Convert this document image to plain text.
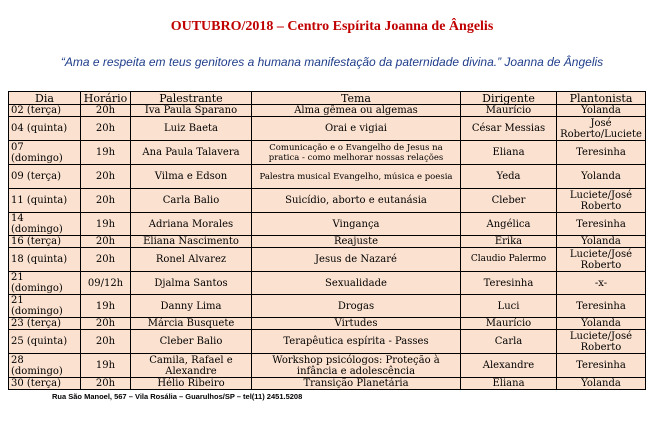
OUTUBRO/2018 – Centro Espírita Joanna de Ângelis
“Ama e respeita em teus genitores a humana manifestação da paternidade divina.” Joanna de Ângelis
Dia	Horário	Palestrante	Tema	Dirigente	Plantonista
02 (terça)	20h	Iva Paula Sparano	Alma gêmea ou algemas	Maurício	Yolanda
04 (quinta)	20h	Luiz Baeta	Orai e vigiai	César Messias	José Roberto/Luciete
07 (domingo)	19h	Ana Paula Talavera	Comunicação e o Evangelho de Jesus na pratica - como melhorar nossas relações	Eliana	Teresinha
09 (terça)	20h	Vilma e Edson	Palestra musical Evangelho, música e poesia	Yeda	Yolanda
11 (quinta)	20h	Carla Balio	Suicídio, aborto e eutanásia	Cleber	Luciete/José Roberto
14 (domingo)	19h	Adriana Morales	Vingança	Angélica	Teresinha
16 (terça)	20h	Eliana Nascimento	Reajuste	Erika	Yolanda
18 (quinta)	20h	Ronel Alvarez	Jesus de Nazaré	Claudio Palermo	Luciete/José Roberto
21 (domingo)	09/12h	Djalma Santos	Sexualidade	Teresinha	-x-
21 (domingo)	19h	Danny Lima	Drogas	Luci	Teresinha
23 (terça)	20h	Márcia Busquete	Virtudes	Maurício	Yolanda
25 (quinta)	20h	Cleber Balio	Terapêutica espírita - Passes	Carla	Luciete/José Roberto
28 (domingo)	19h	Camila, Rafael e Alexandre	Workshop psicólogos: Proteção à infância e adolescência	Alexandre	Teresinha
30 (terça)	20h	Hélio Ribeiro	Transição Planetária	Eliana	Yolanda
Rua São Manoel, 567 – Vila Rosália – Guarulhos/SP – tel(11) 2451.5208
